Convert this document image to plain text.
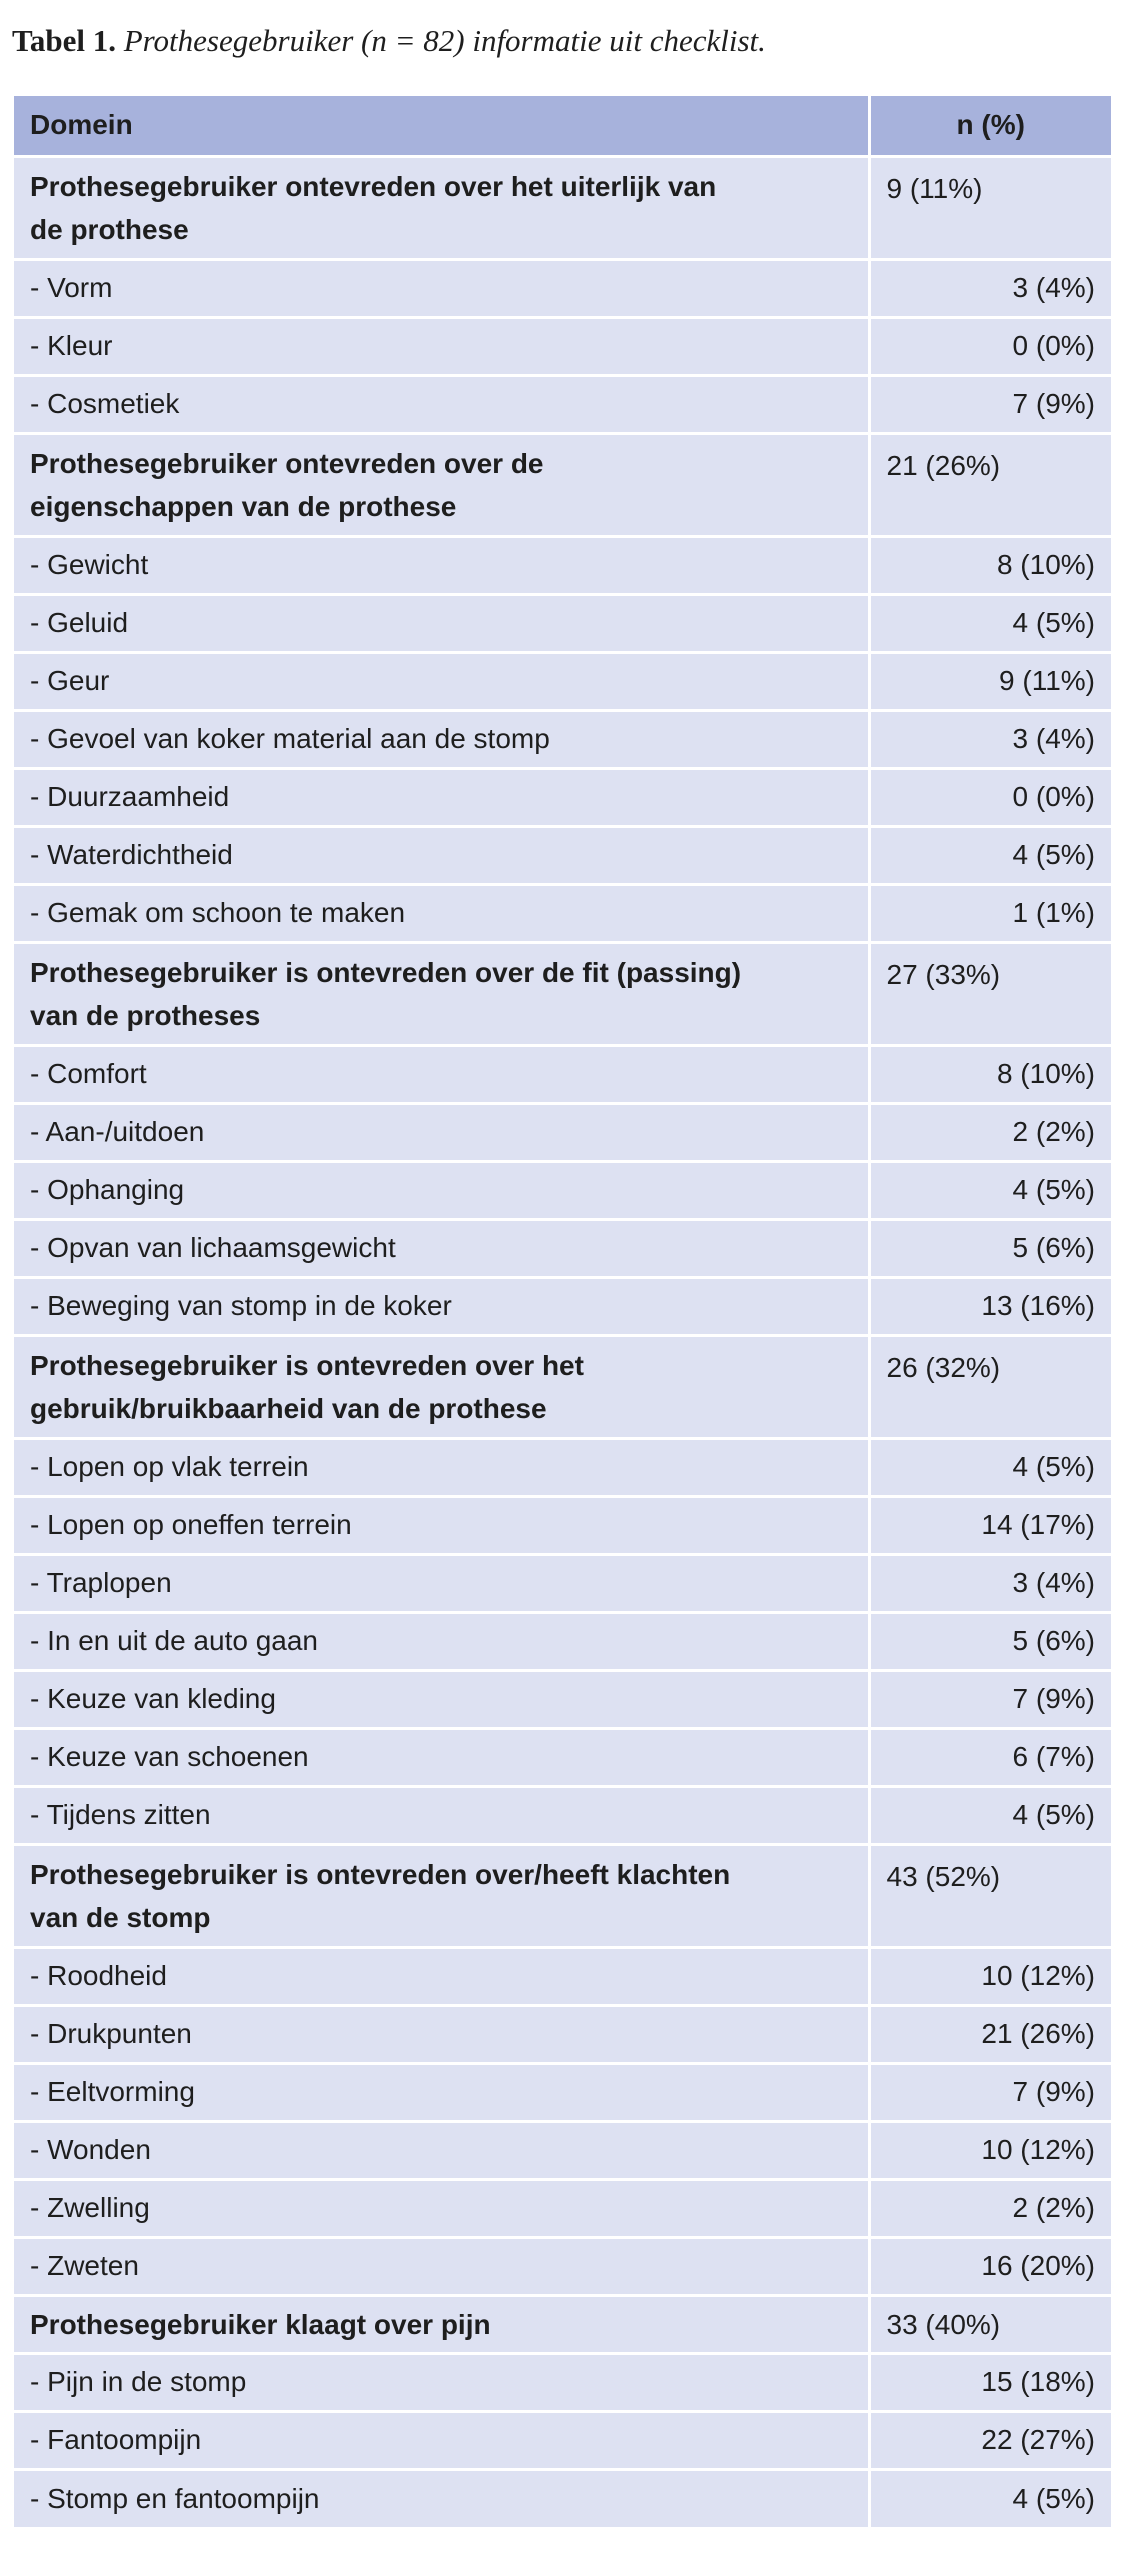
Tabel 1. Prothesegebruiker (n = 82) informatie uit checklist.
Domein	n (%)

Prothesegebruiker ontevreden over het uiterlijk van de prothese	9 (11%)
- Vorm	3 (4%)
- Kleur	0 (0%)
- Cosmetiek	7 (9%)

Prothesegebruiker ontevreden over de eigenschappen van de prothese	21 (26%)
- Gewicht	8 (10%)
- Geluid	4 (5%)
- Geur	9 (11%)
- Gevoel van koker material aan de stomp	3 (4%)
- Duurzaamheid	0 (0%)
- Waterdichtheid	4 (5%)
- Gemak om schoon te maken	1 (1%)

Prothesegebruiker is ontevreden over de fit (passing) van de protheses	27 (33%)
- Comfort	8 (10%)
- Aan-/uitdoen	2 (2%)
- Ophanging	4 (5%)
- Opvan van lichaamsgewicht	5 (6%)
- Beweging van stomp in de koker	13 (16%)

Prothesegebruiker is ontevreden over het gebruik/bruikbaarheid van de prothese	26 (32%)
- Lopen op vlak terrein	4 (5%)
- Lopen op oneffen terrein	14 (17%)
- Traplopen	3 (4%)
- In en uit de auto gaan	5 (6%)
- Keuze van kleding	7 (9%)
- Keuze van schoenen	6 (7%)
- Tijdens zitten	4 (5%)

Prothesegebruiker is ontevreden over/heeft klachten van de stomp	43 (52%)
- Roodheid	10 (12%)
- Drukpunten	21 (26%)
- Eeltvorming	7 (9%)
- Wonden	10 (12%)
- Zwelling	2 (2%)
- Zweten	16 (20%)

Prothesegebruiker klaagt over pijn	33 (40%)
- Pijn in de stomp	15 (18%)
- Fantoompijn	22 (27%)
- Stomp en fantoompijn	4 (5%)
